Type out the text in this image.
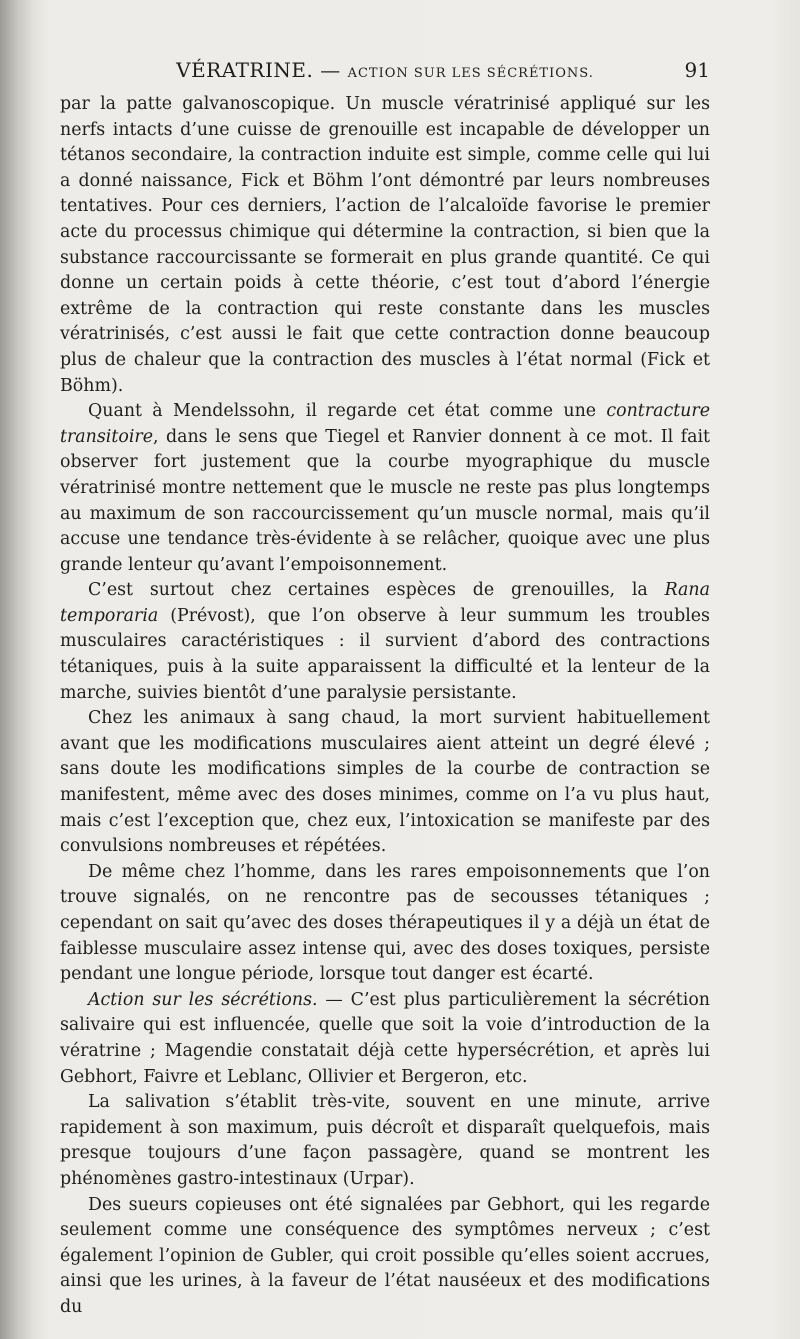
VÉRATRINE. — ACTION SUR LES SÉCRÉTIONS.	91

par la patte galvanoscopique. Un muscle vératrinisé appliqué sur les nerfs intacts d’une cuisse de grenouille est incapable de développer un tétanos secondaire, la contraction induite est simple, comme celle qui lui a donné naissance, Fick et Böhm l’ont démontré par leurs nombreuses tentatives. Pour ces derniers, l’action de l’alcaloïde favorise le premier acte du processus chimique qui détermine la contraction, si bien que la substance raccourcissante se formerait en plus grande quantité. Ce qui donne un certain poids à cette théorie, c’est tout d’abord l’énergie extrême de la contraction qui reste constante dans les muscles vératrinisés, c’est aussi le fait que cette contraction donne beaucoup plus de chaleur que la contraction des muscles à l’état normal (Fick et Böhm).

Quant à Mendelssohn, il regarde cet état comme une contracture transitoire, dans le sens que Tiegel et Ranvier donnent à ce mot. Il fait observer fort justement que la courbe myographique du muscle vératrinisé montre nettement que le muscle ne reste pas plus longtemps au maximum de son raccourcissement qu’un muscle normal, mais qu’il accuse une tendance très-évidente à se relâcher, quoique avec une plus grande lenteur qu’avant l’empoisonnement.

C’est surtout chez certaines espèces de grenouilles, la Rana temporaria (Prévost), que l’on observe à leur summum les troubles musculaires caractéristiques : il survient d’abord des contractions tétaniques, puis à la suite apparaissent la difficulté et la lenteur de la marche, suivies bientôt d’une paralysie persistante.

Chez les animaux à sang chaud, la mort survient habituellement avant que les modifications musculaires aient atteint un degré élevé ; sans doute les modifications simples de la courbe de contraction se manifestent, même avec des doses minimes, comme on l’a vu plus haut, mais c’est l’exception que, chez eux, l’intoxication se manifeste par des convulsions nombreuses et répétées.

De même chez l’homme, dans les rares empoisonnements que l’on trouve signalés, on ne rencontre pas de secousses tétaniques ; cependant on sait qu’avec des doses thérapeutiques il y a déjà un état de faiblesse musculaire assez intense qui, avec des doses toxiques, persiste pendant une longue période, lorsque tout danger est écarté.

Action sur les sécrétions. — C’est plus particulièrement la sécrétion salivaire qui est influencée, quelle que soit la voie d’introduction de la vératrine ; Magendie constatait déjà cette hypersécrétion, et après lui Gebhort, Faivre et Leblanc, Ollivier et Bergeron, etc.

La salivation s’établit très-vite, souvent en une minute, arrive rapidement à son maximum, puis décroît et disparaît quelquefois, mais presque toujours d’une façon passagère, quand se montrent les phénomènes gastro-intestinaux (Urpar).

Des sueurs copieuses ont été signalées par Gebhort, qui les regarde seulement comme une conséquence des symptômes nerveux ; c’est également l’opinion de Gubler, qui croit possible qu’elles soient accrues, ainsi que les urines, à la faveur de l’état nauséeux et des modifications du
